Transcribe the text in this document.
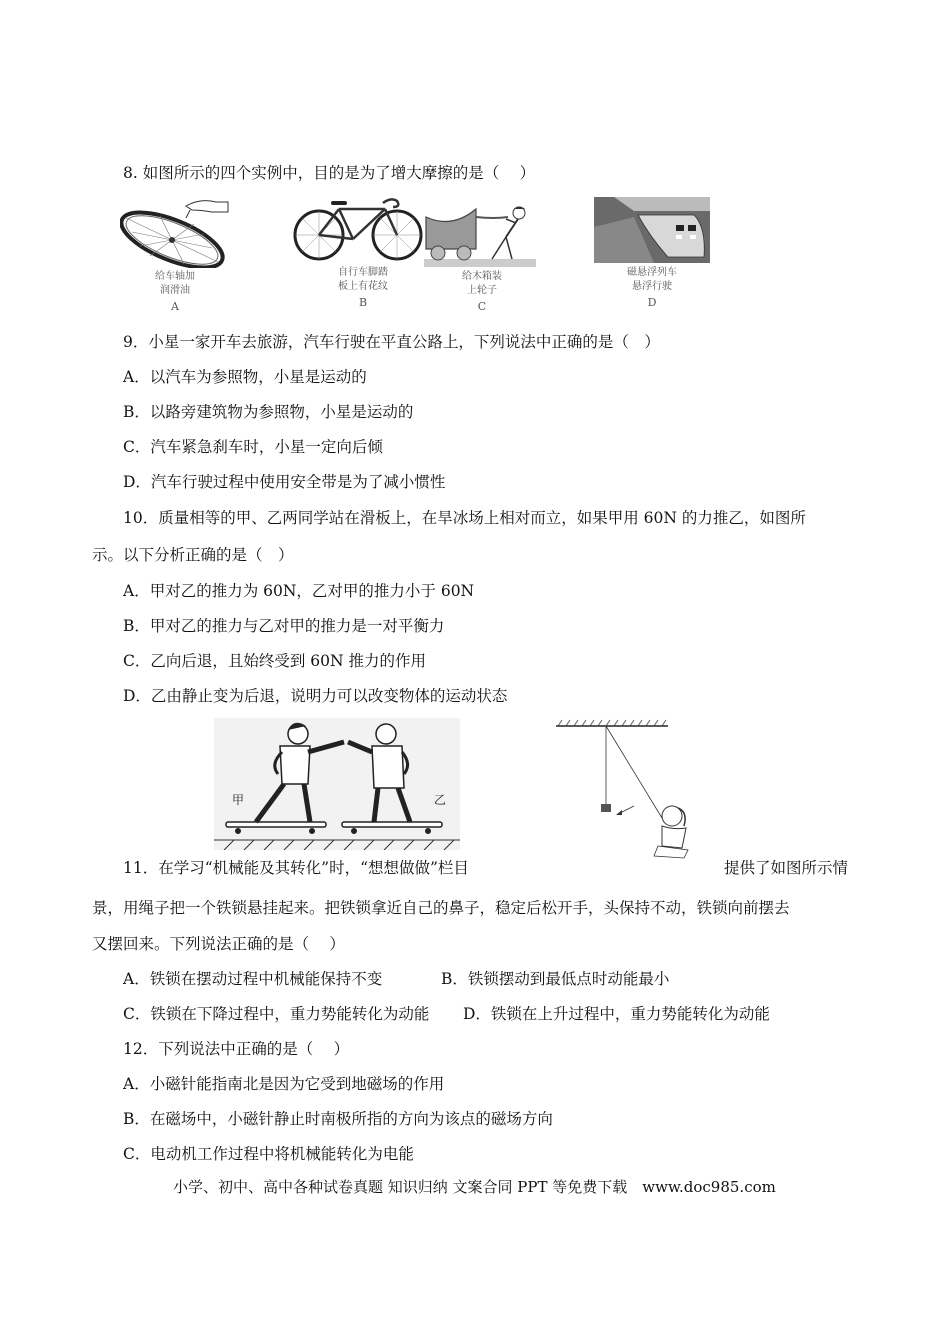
8. 如图所示的四个实例中，目的是为了增大摩擦的是（　 ）
给车轴加
润滑油
A
自行车脚踏
板上有花纹
B
给木箱装
上轮子
C
磁悬浮列车
悬浮行驶
D
9．小星一家开车去旅游，汽车行驶在平直公路上，下列说法中正确的是（　）
A．以汽车为参照物，小星是运动的
B．以路旁建筑物为参照物，小星是运动的
C．汽车紧急刹车时，小星一定向后倾
D．汽车行驶过程中使用安全带是为了减小惯性
10．质量相等的甲、乙两同学站在滑板上，在旱冰场上相对而立，如果甲用 60N 的力推乙，如图所
示。以下分析正确的是（　）
A．甲对乙的推力为 60N，乙对甲的推力小于 60N
B．甲对乙的推力与乙对甲的推力是一对平衡力
C．乙向后退，且始终受到 60N 推力的作用
D．乙由静止变为后退，说明力可以改变物体的运动状态
甲	乙
11．在学习“机械能及其转化”时，“想想做做”栏目	提供了如图所示情
景，用绳子把一个铁锁悬挂起来。把铁锁拿近自己的鼻子，稳定后松开手，头保持不动，铁锁向前摆去
又摆回来。下列说法正确的是（　 ）
A．铁锁在摆动过程中机械能保持不变	B．铁锁摆动到最低点时动能最小
C．铁锁在下降过程中，重力势能转化为动能 D．铁锁在上升过程中，重力势能转化为动能
12．下列说法中正确的是（　 ）
A．小磁针能指南北是因为它受到地磁场的作用
B．在磁场中，小磁针静止时南极所指的方向为该点的磁场方向
C．电动机工作过程中将机械能转化为电能
小学、初中、高中各种试卷真题 知识归纳 文案合同 PPT 等免费下载　www.doc985.com
